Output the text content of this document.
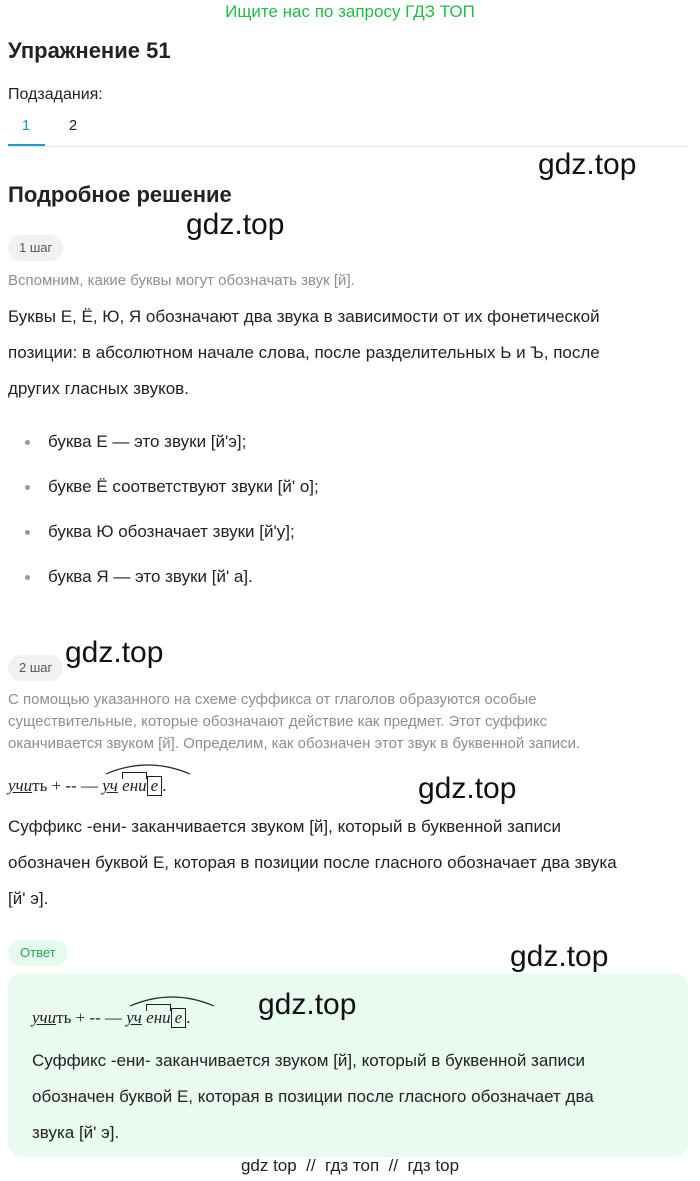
Ищите нас по запросу ГДЗ ТОП
Упражнение 51
Подзадания:
1	2
gdz.top
Подробное решение
gdz.top
1 шаг
Вспомним, какие буквы могут обозначать звук [й].
Буквы Е, Ё, Ю, Я обозначают два звука в зависимости от их фонетической
позиции: в абсолютном начале слова, после разделительных Ь и Ъ, после
других гласных звуков.
буква Е — это звуки [й'э];
букве Ё соответствуют звуки [й' о];
буква Ю обозначает звуки [й'у];
буква Я — это звуки [й' а].
2 шаг gdz.top
С помощью указанного на схеме суффикса от глаголов образуются особые
существительные, которые обозначают действие как предмет. Этот суффикс
оканчивается звуком [й]. Определим, как обозначен этот звук в буквенной записи.
учить + -- —
уч ени е .	gdz.top
Суффикс -ени- заканчивается звуком [й], который в буквенной записи
обозначен буквой Е, которая в позиции после гласного обозначает два звука
[й' э].
Ответ	gdz.top
учить + -- —
уч ени е . gdz.top
Суффикс -ени- заканчивается звуком [й], который в буквенной записи
обозначен буквой Е, которая в позиции после гласного обозначает два
звука [й' э].
gdz top  //  гдз топ  //  гдз top
